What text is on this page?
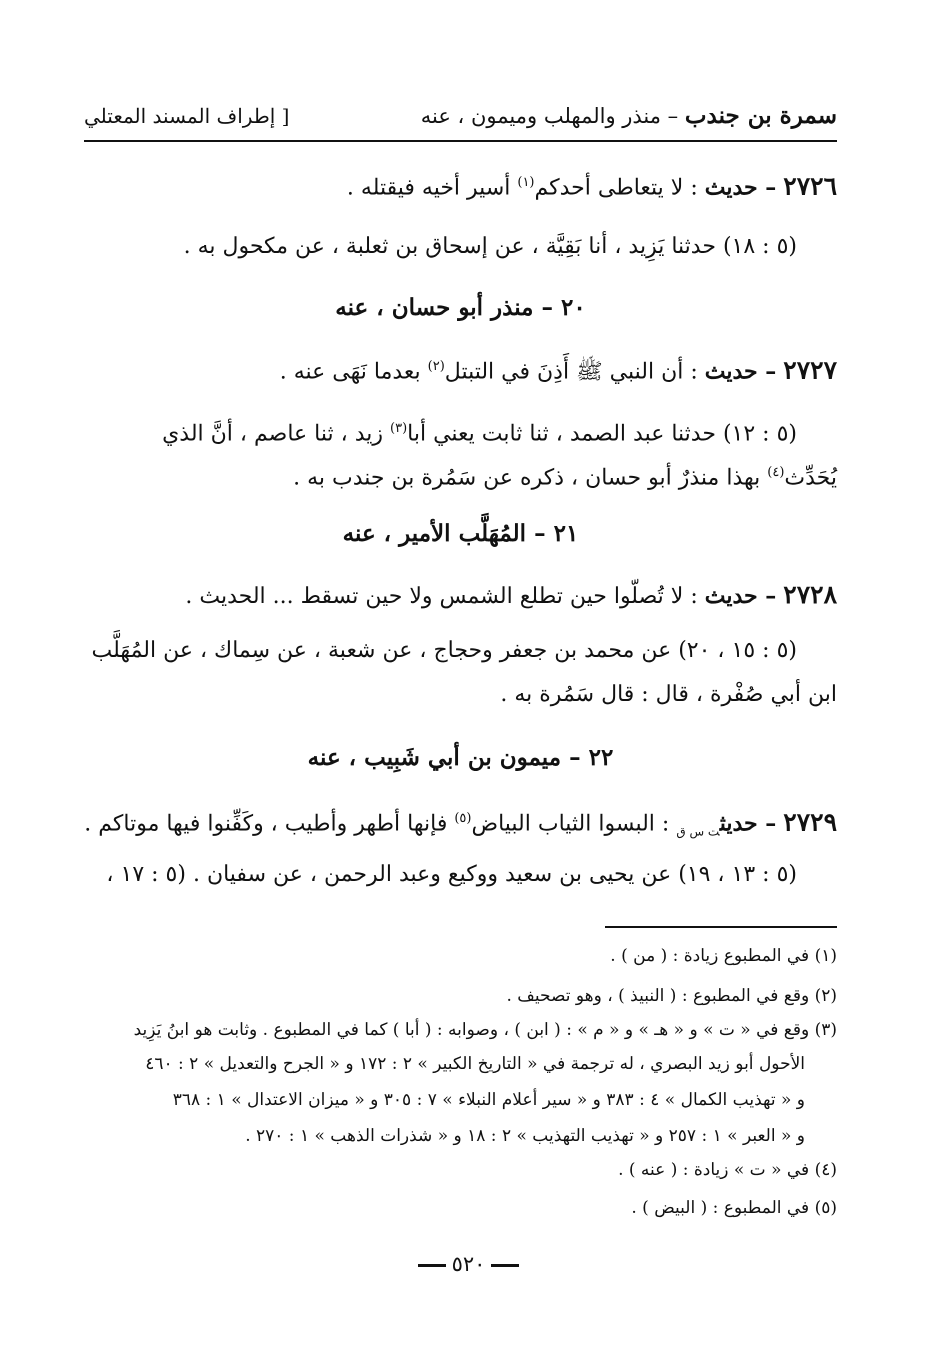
سمرة بن جندب – منذر والمهلب وميمون ، عنه
[ إطراف المسند المعتلي
٢٧٢٦ – حديث : لا يتعاطى أحدكم$^{(١)}$ أسير أخيه فيقتله .
(٥ : ١٨) حدثنا يَزِيد ، أنا بَقِيَّة ، عن إسحاق بن ثعلبة ، عن مكحول به .
٢٠ – منذر أبو حسان ، عنه
٢٧٢٧ – حديث : أن النبي ﷺ أَذِنَ في التبتل$^{(٢)}$ بعدما نَهَى عنه .
(٥ : ١٢) حدثنا عبد الصمد ، ثنا ثابت يعني أبا$^{(٣)}$ زيد ، ثنا عاصم ، أنَّ الذي
يُحَدِّث$^{(٤)}$ بهذا منذرٌ أبو حسان ، ذكره عن سَمُرة بن جندب به .
٢١ – المُهَلَّب الأمير ، عنه
٢٧٢٨ – حديث : لا تُصلّوا حين تطلع الشمس ولا حين تسقط ... الحديث .
(٥ : ١٥ ، ٢٠) عن محمد بن جعفر وحجاج ، عن شعبة ، عن سِماك ، عن المُهَلَّب
ابن أبي صُفْرة ، قال : قال سَمُرة به .
٢٢ – ميمون بن أبي شَبِيب ، عنه
٢٧٢٩ – حديث$_{ت س ق}$ : البسوا الثياب البياض$^{(٥)}$ فإنها أطهر وأطيب ، وكَفِّنوا فيها موتاكم .
(٥ : ١٣ ، ١٩) عن يحيى بن سعيد ووكيع وعبد الرحمن ، عن سفيان . (٥ : ١٧ ،
(١) في المطبوع زيادة : ( من ) .
(٢) وقع في المطبوع : ( النبيذ ) ، وهو تصحيف .
(٣) وقع في « ت » و « هـ » و « م » : ( ابن ) ، وصوابه : ( أبا ) كما في المطبوع . وثابت هو ابنُ يَزِيد
الأحول أبو زيد البصري ، له ترجمة في « التاريخ الكبير » ٢ : ١٧٢ و « الجرح والتعديل » ٢ : ٤٦٠
و « تهذيب الكمال » ٤ : ٣٨٣ و « سير أعلام النبلاء » ٧ : ٣٠٥ و « ميزان الاعتدال » ١ : ٣٦٨
و « العبر » ١ : ٢٥٧ و « تهذيب التهذيب » ٢ : ١٨ و « شذرات الذهب » ١ : ٢٧٠ .
(٤) في « ت » زيادة : ( عنه ) .
(٥) في المطبوع : ( البيض ) .
٥٢٠
